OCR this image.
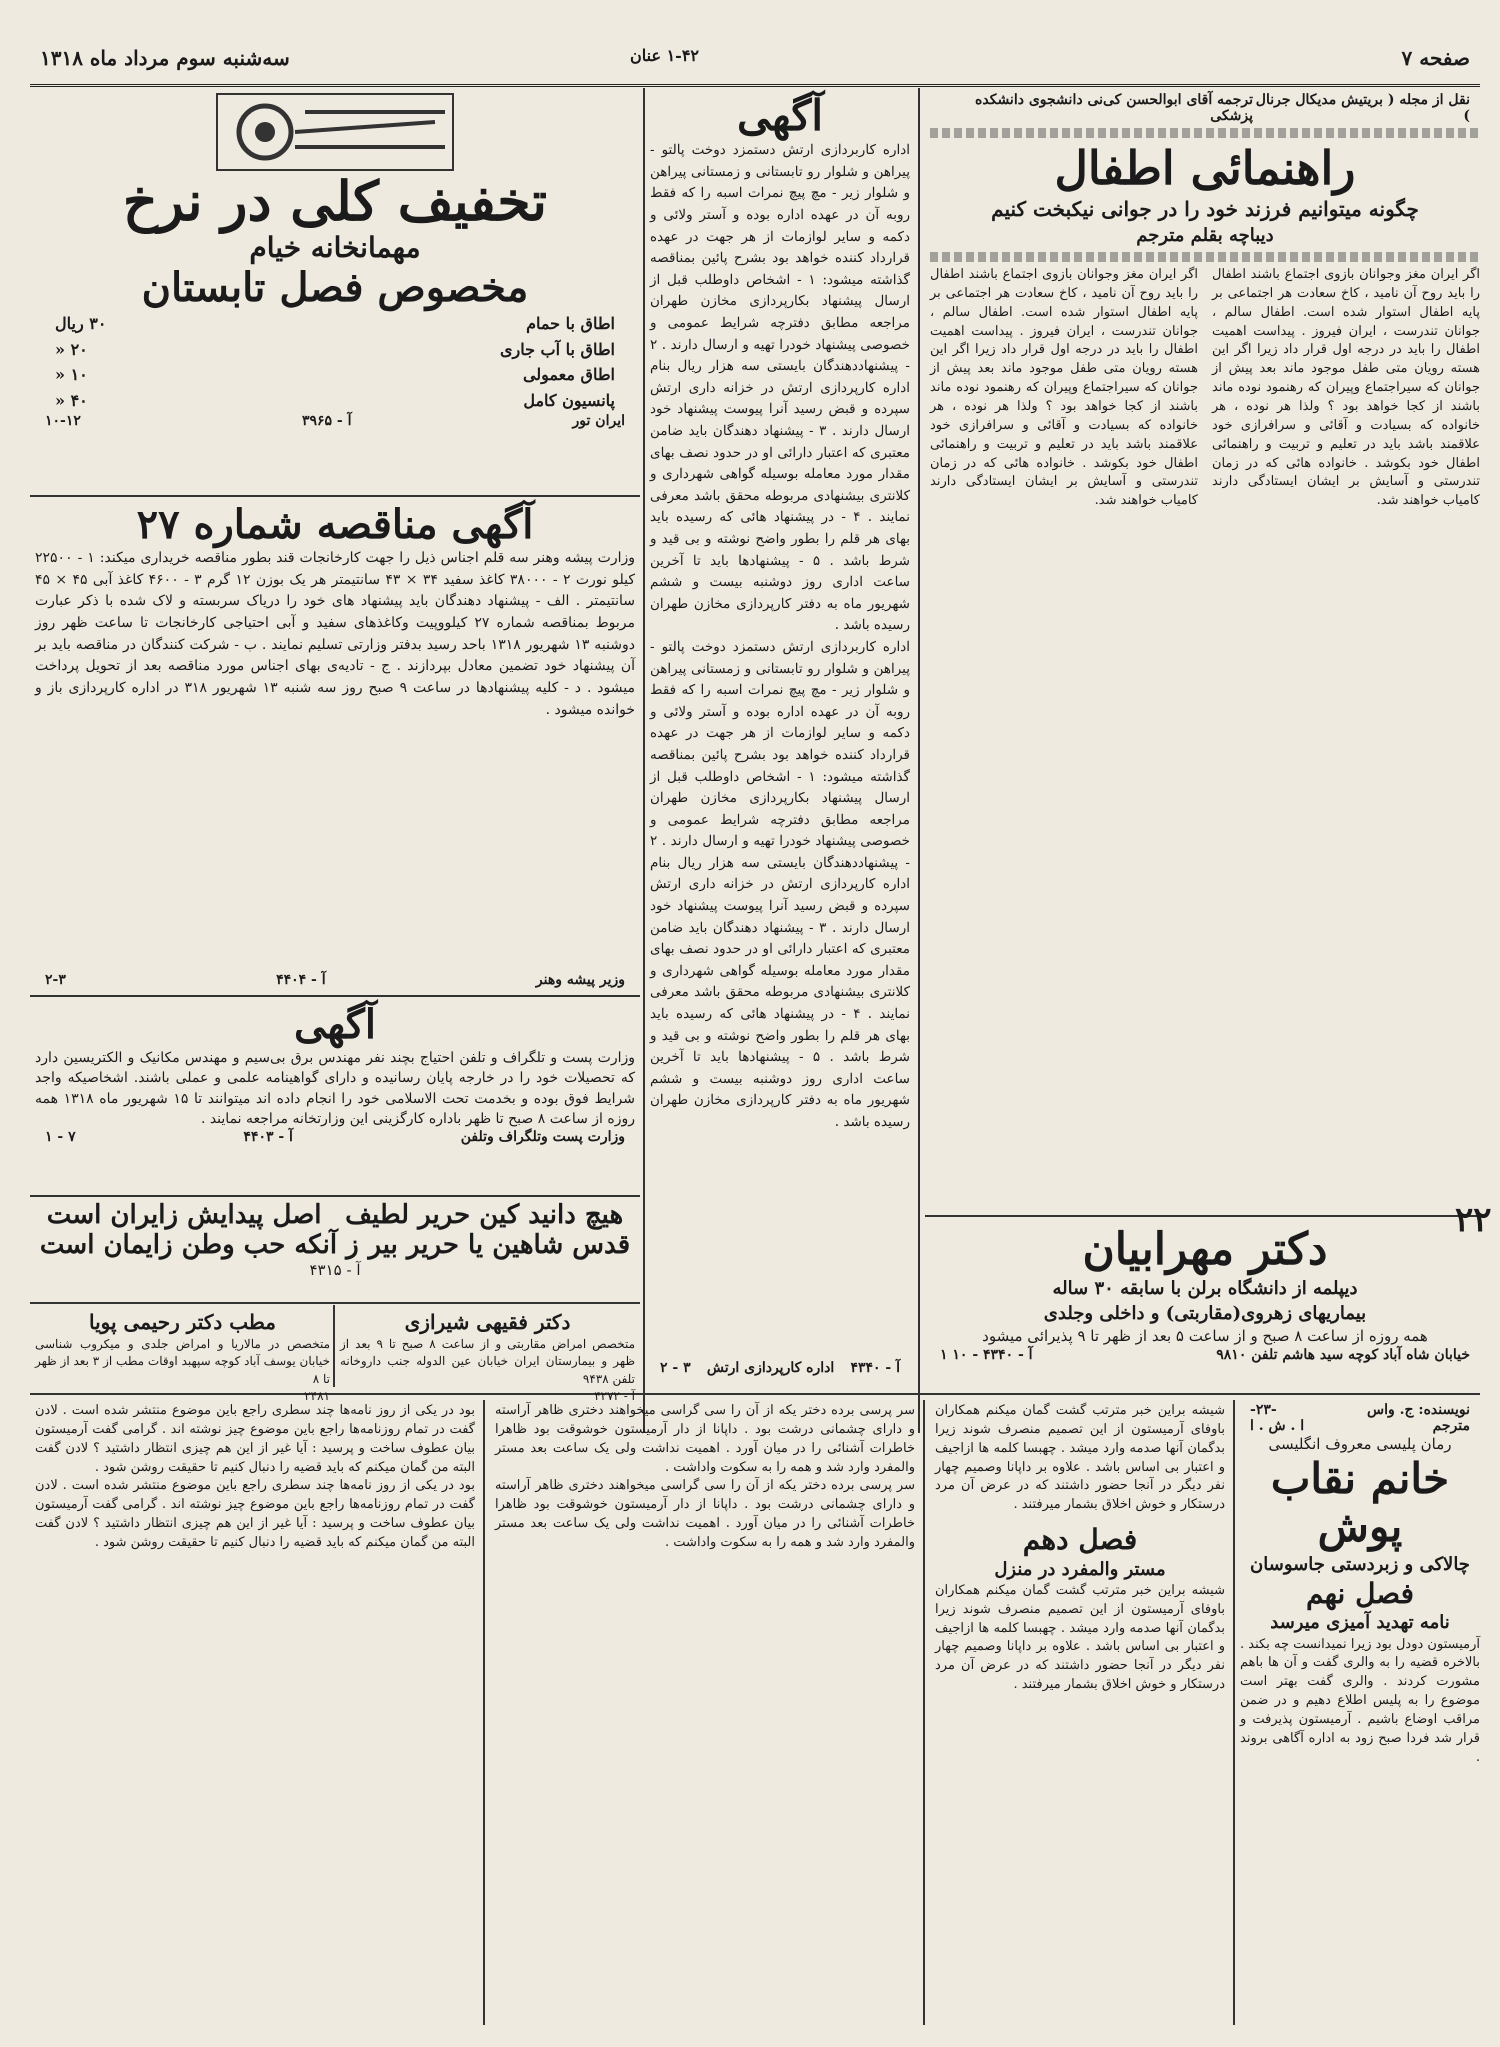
صفحه ۷
۱-۴۲ عنان
سه‌شنبه سوم مرداد ماه ۱۳۱۸
نقل از مجله ( بریتیش مدیکال جرنال )
ترجمه آقای ابوالحسن کی‌نی دانشجوی دانشکده پزشکی
راهنمائی اطفال
چگونه میتوانیم فرزند خود را در جوانی نیکبخت کنیم
دیباچه بقلم مترجم
اگر ایران مغز وجوانان بازوی اجتماع باشند اطفال را باید روح آن نامید ، کاخ سعادت هر اجتماعی بر پایه اطفال استوار شده است. اطفال سالم ، جوانان تندرست ، ایران فیروز . پیداست اهمیت اطفال را باید در درجه اول قرار داد زیرا اگر این هسته رویان متی طفل موجود ماند بعد پیش از جوانان که سیراجتماع وپیران که رهنمود نوده ماند باشند از کجا خواهد بود ؟ ولذا هر نوده ، هر خانواده که بسیادت و آقائی و سرافرازی خود علاقمند باشد باید در تعلیم و تربیت و راهنمائی اطفال خود بکوشد . خانواده هائی که در زمان تندرستی و آسایش بر ایشان ایستادگی دارند کامیاب خواهند شد.
اگر ایران مغز وجوانان بازوی اجتماع باشند اطفال را باید روح آن نامید ، کاخ سعادت هر اجتماعی بر پایه اطفال استوار شده است. اطفال سالم ، جوانان تندرست ، ایران فیروز . پیداست اهمیت اطفال را باید در درجه اول قرار داد زیرا اگر این هسته رویان متی طفل موجود ماند بعد پیش از جوانان که سیراجتماع وپیران که رهنمود نوده ماند باشند از کجا خواهد بود ؟ ولذا هر نوده ، هر خانواده که بسیادت و آقائی و سرافرازی خود علاقمند باشد باید در تعلیم و تربیت و راهنمائی اطفال خود بکوشد . خانواده هائی که در زمان تندرستی و آسایش بر ایشان ایستادگی دارند کامیاب خواهند شد.
دکتر مهرابیان
دیپلمه از دانشگاه برلن با سابقه ۳۰ ساله
بیماریهای زهروی(مقاربتی) و داخلی وجلدی
همه روزه از ساعت ۸ صبح و از ساعت ۵ بعد از ظهر تا ۹ پذیرائی میشود
خیابان شاه آباد کوچه سید هاشم تلفن ۹۸۱۰
آ - ۴۳۴۰ - ۱۰ ۱
آگهی
اداره کاربردازی ارتش دستمزد دوخت پالتو - پیراهن و شلوار رو تابستانی و زمستانی پیراهن و شلوار زیر - مچ پیچ نمرات اسبه را که فقط روبه آن در عهده اداره بوده و آستر ولائی و دکمه و سایر لوازمات از هر جهت در عهده قرارداد کننده خواهد بود بشرح پائین بمناقصه گذاشته میشود: ۱ - اشخاص داوطلب قبل از ارسال پیشنهاد بکارپردازی مخازن طهران مراجعه مطابق دفترچه شرایط عمومی و خصوصی پیشنهاد خودرا تهیه و ارسال دارند . ۲ - پیشنهاددهندگان بایستی سه هزار ریال بنام اداره کارپردازی ارتش در خزانه داری ارتش سپرده و قبض رسید آنرا پیوست پیشنهاد خود ارسال دارند . ۳ - پیشنهاد دهندگان باید ضامن معتبری که اعتبار دارائی او در حدود نصف بهای مقدار مورد معامله بوسیله گواهی شهرداری و کلانتری بیشنهادی مربوطه محقق باشد معرفی نمایند . ۴ - در پیشنهاد هائی که رسیده باید بهای هر قلم را بطور واضح نوشته و بی قید و شرط باشد . ۵ - پیشنهادها باید تا آخرین ساعت اداری روز دوشنبه بیست و ششم شهریور ماه به دفتر کارپردازی مخازن طهران رسیده باشد .
اداره کاربردازی ارتش دستمزد دوخت پالتو - پیراهن و شلوار رو تابستانی و زمستانی پیراهن و شلوار زیر - مچ پیچ نمرات اسبه را که فقط روبه آن در عهده اداره بوده و آستر ولائی و دکمه و سایر لوازمات از هر جهت در عهده قرارداد کننده خواهد بود بشرح پائین بمناقصه گذاشته میشود: ۱ - اشخاص داوطلب قبل از ارسال پیشنهاد بکارپردازی مخازن طهران مراجعه مطابق دفترچه شرایط عمومی و خصوصی پیشنهاد خودرا تهیه و ارسال دارند . ۲ - پیشنهاددهندگان بایستی سه هزار ریال بنام اداره کارپردازی ارتش در خزانه داری ارتش سپرده و قبض رسید آنرا پیوست پیشنهاد خود ارسال دارند . ۳ - پیشنهاد دهندگان باید ضامن معتبری که اعتبار دارائی او در حدود نصف بهای مقدار مورد معامله بوسیله گواهی شهرداری و کلانتری بیشنهادی مربوطه محقق باشد معرفی نمایند . ۴ - در پیشنهاد هائی که رسیده باید بهای هر قلم را بطور واضح نوشته و بی قید و شرط باشد . ۵ - پیشنهادها باید تا آخرین ساعت اداری روز دوشنبه بیست و ششم شهریور ماه به دفتر کارپردازی مخازن طهران رسیده باشد .
آ - ۴۳۴۰
اداره کارپردازی ارتش
۳ - ۲
تخفیف کلی در نرخ
مهمانخانه خیام
مخصوص فصل تابستان
اطاق با حمام
۳۰ ریال
اطاق با آب جاری
۲۰ «
اطاق معمولی
۱۰ «
پانسیون کامل
۴۰ «
ایران تور
آ - ۳۹۶۵
۱۰-۱۲
آگهی مناقصه شماره ۲۷
وزارت پیشه وهنر سه قلم اجناس ذیل را جهت کارخانجات قند بطور مناقصه خریداری میکند: ۱ - ۲۲۵۰۰ کیلو نورت ۲ - ۳۸۰۰۰ کاغذ سفید ۳۴ × ۴۳ سانتیمتر هر یک بوزن ۱۲ گرم ۳ - ۴۶۰۰ کاغذ آبی ۴۵ × ۴۵ سانتیمتر . الف - پیشنهاد دهندگان باید پیشنهاد های خود را دریاک سربسته و لاک شده با ذکر عبارت مربوط بمناقصه شماره ۲۷ کیلووپیت وکاغذهای سفید و آبی احتیاجی کارخانجات تا ساعت ظهر روز دوشنبه ۱۳ شهریور ۱۳۱۸ باحد رسید بدفتر وزارتی تسلیم نمایند . ب - شرکت کنندگان در مناقصه باید بر آن پیشنهاد خود تضمین معادل بپردازند . ج - تادیه‌ی بهای اجناس مورد مناقصه بعد از تحویل پرداخت میشود . د - کلیه پیشنهادها در ساعت ۹ صبح روز سه شنبه ۱۳ شهریور ۳۱۸ در اداره کارپردازی باز و خوانده میشود .
وزیر پیشه وهنر
آ - ۴۴۰۴
۲-۳
آگهی
وزارت پست و تلگراف و تلفن احتیاج بچند نفر مهندس برق بی‌سیم و مهندس مکانیک و الکتریسین دارد که تحصیلات خود را در خارجه پایان رسانیده و دارای گواهینامه علمی و عملی باشند. اشخاصیکه واجد شرایط فوق بوده و بخدمت تحت الاسلامی خود را انجام داده اند میتوانند تا ۱۵ شهریور ماه ۱۳۱۸ همه روزه از ساعت ۸ صبح تا ظهر باداره کارگزینی این وزارتخانه مراجعه نمایند .
وزارت پست وتلگراف وتلفن
آ - ۴۴۰۳
۷ - ۱
هیچ دانید کین حریر لطیف
اصل پیدایش زایران است
قدس شاهین یا حریر بیر
ز آنکه حب وطن زایمان است
آ - ۴۳۱۵
دکتر فقیهی شیرازی
متخصص امراض مقاربتی و از ساعت ۸ صبح تا ۹ بعد از ظهر و بیمارستان ایران خیابان عین الدوله جنب داروخانه تلفن ۹۴۳۸
آ - ۴۲۷۲
مطب دکتر رحیمی پویا
متخصص در مالاریا و امراض جلدی و میکروب شناسی خیابان یوسف آباد کوچه سپهبد اوقات مطب از ۳ بعد از ظهر تا ۸
۲۴۸۱
نویسنده: ج. واس
-۲۳-
مترجم
ا . ش . ا
رمان پلیسی معروف انگلیسی
خانم نقاب پوش
چالاکی و زبردستی جاسوسان
فصل نهم
نامه تهدید آمیزی میرسد
آرمیستون دودل بود زیرا نمیدانست چه بکند . بالاخره قضیه را به والری گفت و آن ها باهم مشورت کردند . والری گفت بهتر است موضوع را به پلیس اطلاع دهیم و در ضمن مراقب اوضاع باشیم . آرمیستون پذیرفت و قرار شد فردا صبح زود به اداره آگاهی بروند .
شیشه براین خبر مترتب گشت گمان میکنم همکاران باوفای آرمیستون از این تصمیم منصرف شوند زیرا بدگمان آنها صدمه وارد میشد . چهبسا کلمه ها ازاجیف و اعتبار بی اساس باشد . علاوه بر داپانا وصمیم چهار نفر دیگر در آنجا حضور داشتند که در عرض آن مرد درستکار و خوش اخلاق بشمار میرفتند .
فصل دهم
مستر والمفرد در منزل
شیشه براین خبر مترتب گشت گمان میکنم همکاران باوفای آرمیستون از این تصمیم منصرف شوند زیرا بدگمان آنها صدمه وارد میشد . چهبسا کلمه ها ازاجیف و اعتبار بی اساس باشد . علاوه بر داپانا وصمیم چهار نفر دیگر در آنجا حضور داشتند که در عرض آن مرد درستکار و خوش اخلاق بشمار میرفتند .
سر پرسی برده دختر یکه از آن را سی گراسی میخواهند دختری ظاهر آراسته و دارای چشمانی درشت بود . داپانا از دار آرمیستون خوشوقت بود ظاهرا خاطرات آشنائی را در میان آورد . اهمیت نداشت ولی یک ساعت بعد مستر والمفرد وارد شد و همه را به سکوت واداشت .
سر پرسی برده دختر یکه از آن را سی گراسی میخواهند دختری ظاهر آراسته و دارای چشمانی درشت بود . داپانا از دار آرمیستون خوشوقت بود ظاهرا خاطرات آشنائی را در میان آورد . اهمیت نداشت ولی یک ساعت بعد مستر والمفرد وارد شد و همه را به سکوت واداشت .
بود در یکی از روز نامه‌ها چند سطری راجع باین موضوع منتشر شده است . لادن گفت در تمام روزنامه‌ها راجع باین موضوع چیز نوشته اند . گرامی گفت آرمیستون بیان عطوف ساخت و پرسید : آیا غیر از این هم چیزی انتظار داشتید ؟ لادن گفت البته من گمان میکنم که باید قضیه را دنبال کنیم تا حقیقت روشن شود .
بود در یکی از روز نامه‌ها چند سطری راجع باین موضوع منتشر شده است . لادن گفت در تمام روزنامه‌ها راجع باین موضوع چیز نوشته اند . گرامی گفت آرمیستون بیان عطوف ساخت و پرسید : آیا غیر از این هم چیزی انتظار داشتید ؟ لادن گفت البته من گمان میکنم که باید قضیه را دنبال کنیم تا حقیقت روشن شود .
۲۲
